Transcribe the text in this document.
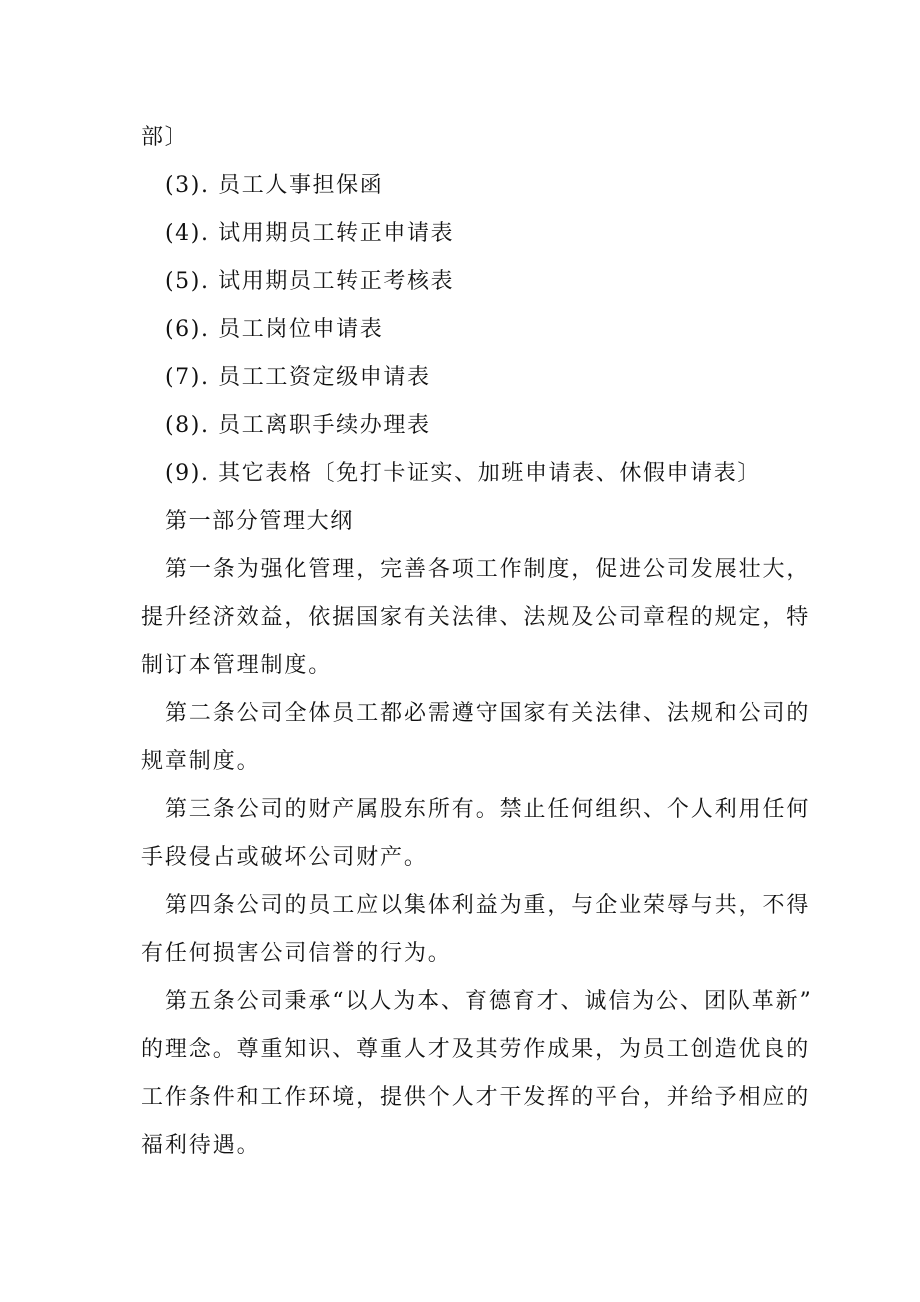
部〕
(3). 员工人事担保函
(4). 试用期员工转正申请表
(5). 试用期员工转正考核表
(6). 员工岗位申请表
(7). 员工工资定级申请表
(8). 员工离职手续办理表
(9). 其它表格〔免打卡证实、加班申请表、休假申请表〕
第一部分管理大纲
第一条为强化管理，完善各项工作制度，促进公司发展壮大，
提升经济效益，依据国家有关法律、法规及公司章程的规定，特
制订本管理制度。
第二条公司全体员工都必需遵守国家有关法律、法规和公司的
规章制度。
第三条公司的财产属股东所有。禁止任何组织、个人利用任何
手段侵占或破坏公司财产。
第四条公司的员工应以集体利益为重，与企业荣辱与共，不得
有任何损害公司信誉的行为。
第五条公司秉承“以人为本、育德育才、诚信为公、团队革新”
的理念。尊重知识、尊重人才及其劳作成果，为员工创造优良的
工作条件和工作环境，提供个人才干发挥的平台，并给予相应的
福利待遇。
